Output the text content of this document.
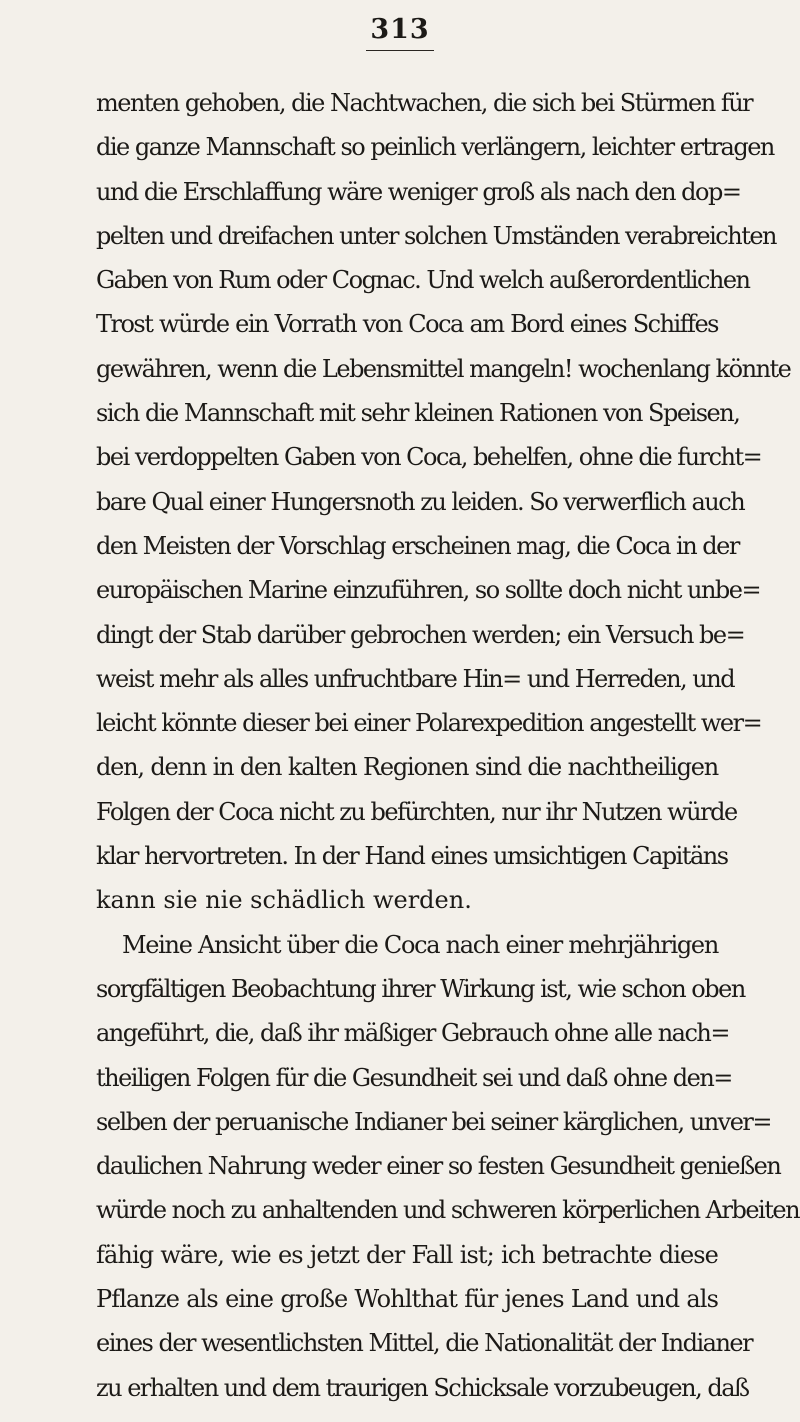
313
menten gehoben, die Nachtwachen, die sich bei Stürmen für
die ganze Mannschaft so peinlich verlängern, leichter ertragen
und die Erschlaffung wäre weniger groß als nach den dop=
pelten und dreifachen unter solchen Umständen verabreichten
Gaben von Rum oder Cognac. Und welch außerordentlichen
Trost würde ein Vorrath von Coca am Bord eines Schiffes
gewähren, wenn die Lebensmittel mangeln! wochenlang könnte
sich die Mannschaft mit sehr kleinen Rationen von Speisen,
bei verdoppelten Gaben von Coca, behelfen, ohne die furcht=
bare Qual einer Hungersnoth zu leiden. So verwerflich auch
den Meisten der Vorschlag erscheinen mag, die Coca in der
europäischen Marine einzuführen, so sollte doch nicht unbe=
dingt der Stab darüber gebrochen werden; ein Versuch be=
weist mehr als alles unfruchtbare Hin= und Herreden, und
leicht könnte dieser bei einer Polarexpedition angestellt wer=
den, denn in den kalten Regionen sind die nachtheiligen
Folgen der Coca nicht zu befürchten, nur ihr Nutzen würde
klar hervortreten. In der Hand eines umsichtigen Capitäns
kann sie nie schädlich werden.
Meine Ansicht über die Coca nach einer mehrjährigen
sorgfältigen Beobachtung ihrer Wirkung ist, wie schon oben
angeführt, die, daß ihr mäßiger Gebrauch ohne alle nach=
theiligen Folgen für die Gesundheit sei und daß ohne den=
selben der peruanische Indianer bei seiner kärglichen, unver=
daulichen Nahrung weder einer so festen Gesundheit genießen
würde noch zu anhaltenden und schweren körperlichen Arbeiten
fähig wäre, wie es jetzt der Fall ist; ich betrachte diese
Pflanze als eine große Wohlthat für jenes Land und als
eines der wesentlichsten Mittel, die Nationalität der Indianer
zu erhalten und dem traurigen Schicksale vorzubeugen, daß
